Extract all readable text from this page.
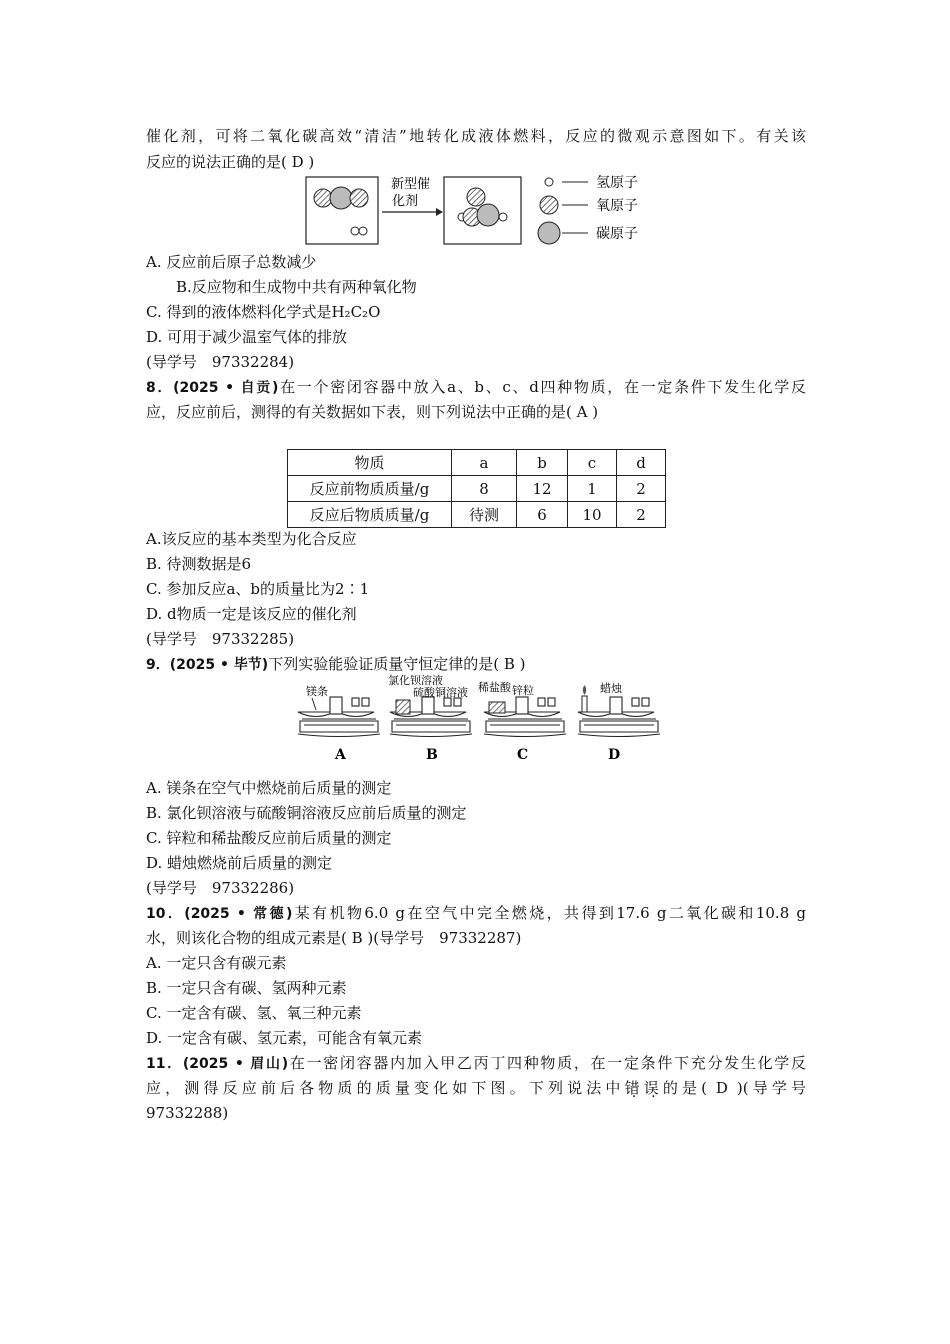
催化剂，可将二氧化碳高效“清洁”地转化成液体燃料，反应的微观示意图如下。有关该
反应的说法正确的是( D )
新型催
化剂
氢原子
氧原子
碳原子
A. 反应前后原子总数减少
B.反应物和生成物中共有两种氧化物
C. 得到的液体燃料化学式是H₂C₂O
D. 可用于减少温室气体的排放
(导学号　97332284)
8．(2025 • 自贡)在一个密闭容器中放入a、b、c、d四种物质，在一定条件下发生化学反
应，反应前后，测得的有关数据如下表，则下列说法中正确的是( A )
物质	a	b	c	d
反应前物质质量/g	8	12	1	2
反应后物质质量/g	待测	6	10	2
A.该反应的基本类型为化合反应
B. 待测数据是6
C. 参加反应a、b的质量比为2∶1
D. d物质一定是该反应的催化剂
(导学号　97332285)
9．(2025 • 毕节)下列实验能验证质量守恒定律的是( B )
镁条
A
氯化钡溶液
硫酸铜溶液
B
稀盐酸 锌粒
C
蜡烛
D
A. 镁条在空气中燃烧前后质量的测定
B. 氯化钡溶液与硫酸铜溶液反应前后质量的测定
C. 锌粒和稀盐酸反应前后质量的测定
D. 蜡烛燃烧前后质量的测定
(导学号　97332286)
10．(2025 • 常德)某有机物6.0 g在空气中完全燃烧，共得到17.6 g二氧化碳和10.8 g
水，则该化合物的组成元素是( B )(导学号　97332287)
A. 一定只含有碳元素
B. 一定只含有碳、氢两种元素
C. 一定含有碳、氢、氧三种元素
D. 一定含有碳、氢元素，可能含有氧元素
11．(2025 • 眉山)在一密闭容器内加入甲乙丙丁四种物质，在一定条件下充分发生化学反
应，测得反应前后各物质的质量变化如下图。下列说法中错误的是( D )(导学号
97332288)
